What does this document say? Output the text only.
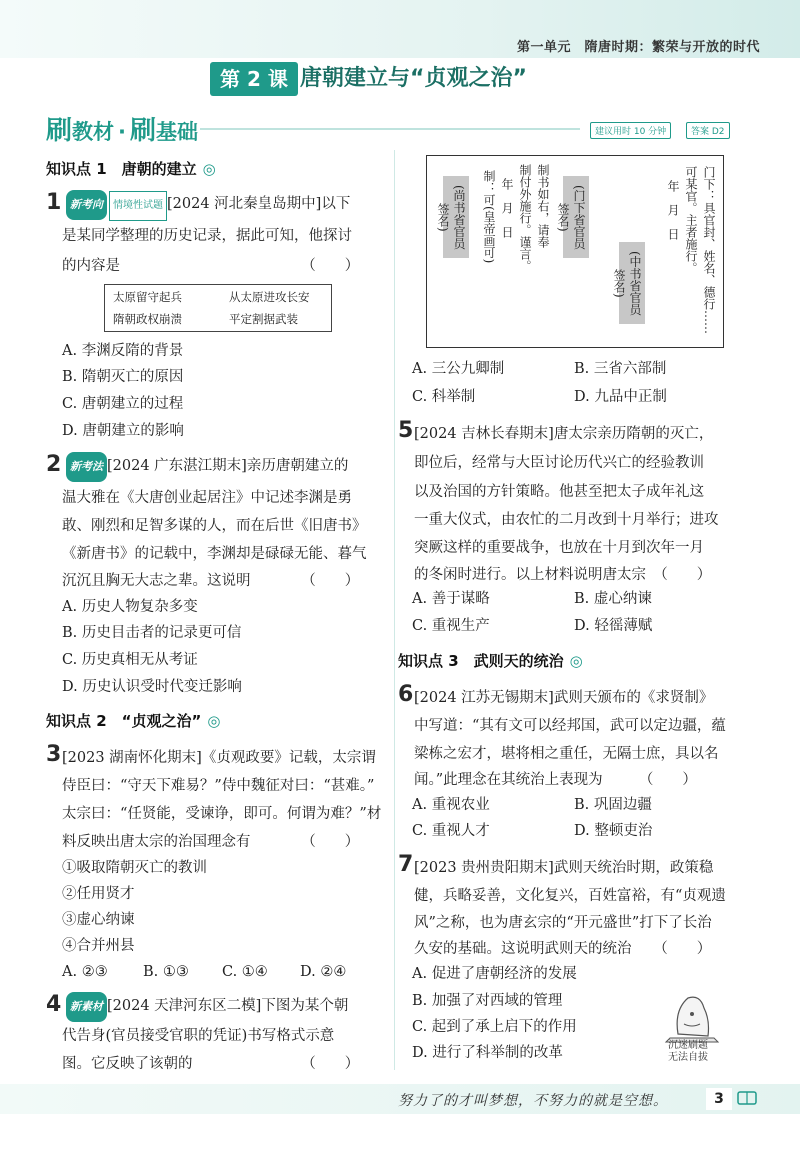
第一单元　隋唐时期：繁荣与开放的时代
第 2 课 唐朝建立与“贞观之治”
刷教材 · 刷基础	建议用时 10 分钟	答案 D2
知识点 1　唐朝的建立 ◎
1 新考向 情境性试题 [2024 河北秦皇岛期中]以下
是某同学整理的历史记录，据此可知，他探讨
的内容是　　　　　　　　　　　　　（　　）
太原留守起兵	从太原进攻长安
隋朝政权崩溃	平定割据武装
A. 李渊反隋的背景
B. 隋朝灭亡的原因
C. 唐朝建立的过程
D. 唐朝建立的影响
2 新考法 [2024 广东湛江期末]亲历唐朝建立的
温大雅在《大唐创业起居注》中记述李渊是勇
敢、刚烈和足智多谋的人，而在后世《旧唐书》
《新唐书》的记载中，李渊却是碌碌无能、暮气
沉沉且胸无大志之辈。这说明　　　　（　　）
A. 历史人物复杂多变
B. 历史目击者的记录更可信
C. 历史真相无从考证
D. 历史认识受时代变迁影响
知识点 2　“贞观之治” ◎
3 [2023 湖南怀化期末]《贞观政要》记载，太宗谓
侍臣曰：“守天下难易？”侍中魏征对曰：“甚难。”
太宗曰：“任贤能，受谏诤，即可。何谓为难？”材
料反映出唐太宗的治国理念有　　　　（　　）
①吸取隋朝灭亡的教训
②任用贤才
③虚心纳谏
④合并州县
A. ②③ B. ①③ C. ①④ D. ②④
4 新素材 [2024 天津河东区二模]下图为某个朝
代告身(官员接受官职的凭证)书写格式示意
图。它反映了该朝的　　　　　　　　（　　）
门下：具官封、姓名、德行……
可某官。主者施行。
年　月　日
(中书省官员签名)
(门下省官员签名)
制书如右，请奉
制付外施行。谨言。
年　月　日
制：可(皇帝画可)
(尚书省官员签名)
A. 三公九卿制	B. 三省六部制
C. 科举制	D. 九品中正制
5 [2024 吉林长春期末]唐太宗亲历隋朝的灭亡，
即位后，经常与大臣讨论历代兴亡的经验教训
以及治国的方针策略。他甚至把太子成年礼这
一重大仪式，由农忙的二月改到十月举行；进攻
突厥这样的重要战争，也放在十月到次年一月
的冬闲时进行。以上材料说明唐太宗　（　　）
A. 善于谋略	B. 虚心纳谏
C. 重视生产	D. 轻徭薄赋
知识点 3　武则天的统治 ◎
6 [2024 江苏无锡期末]武则天颁布的《求贤制》
中写道：“其有文可以经邦国，武可以定边疆，蕴
梁栋之宏才，堪将相之重任，无隔士庶，具以名
闻。”此理念在其统治上表现为　　　（　　）
A. 重视农业	B. 巩固边疆
C. 重视人才	D. 整顿吏治
7 [2023 贵州贵阳期末]武则天统治时期，政策稳
健，兵略妥善，文化复兴，百姓富裕，有“贞观遗
风”之称，也为唐玄宗的“开元盛世”打下了长治
久安的基础。这说明武则天的统治　　（　　）
A. 促进了唐朝经济的发展
B. 加强了对西域的管理
C. 起到了承上启下的作用
D. 进行了科举制的改革	沉迷刷题
无法自拔
努力了的才叫梦想，不努力的就是空想。	3
